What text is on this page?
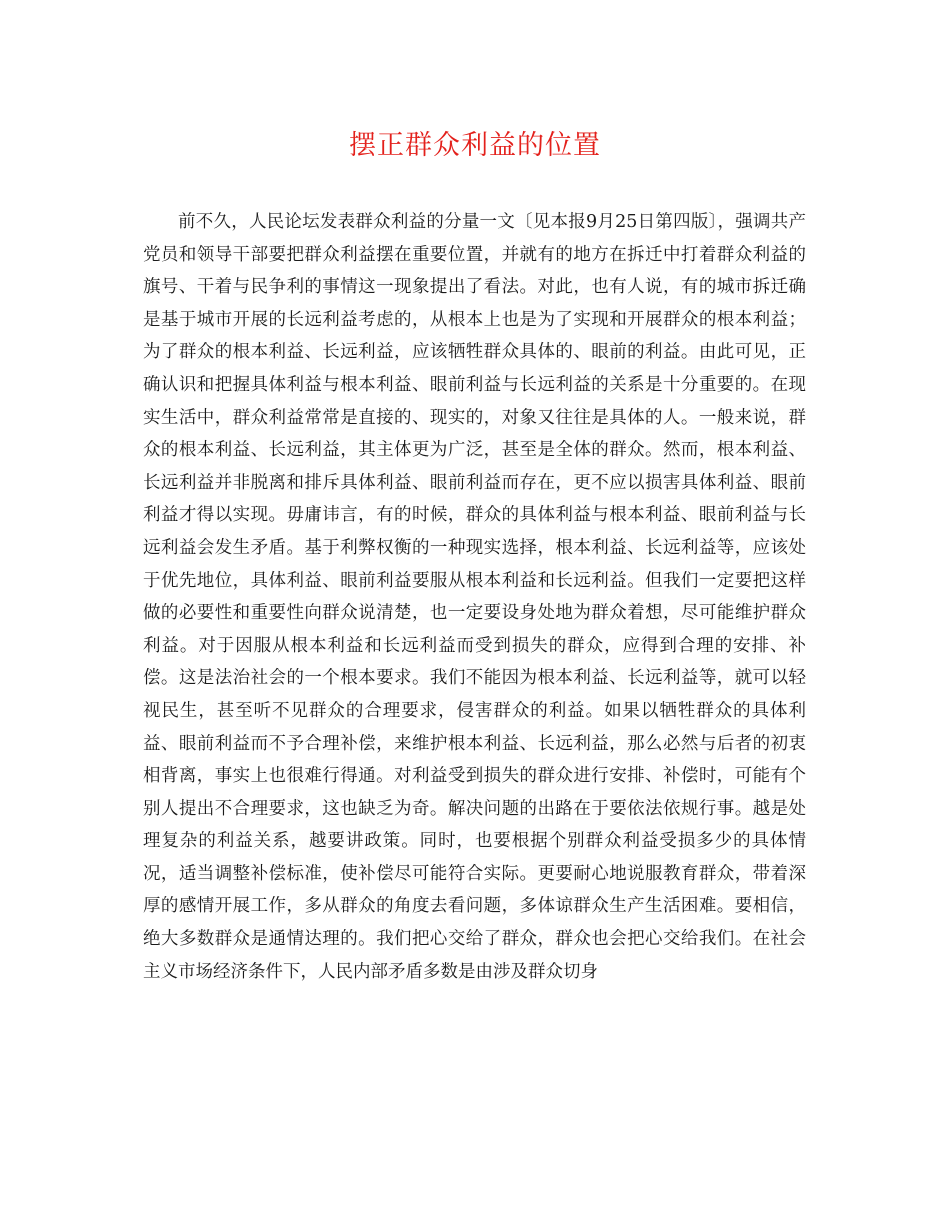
摆正群众利益的位置

前不久，人民论坛发表群众利益的分量一文〔见本报9月25日第四版〕，强调共产党员和领导干部要把群众利益摆在重要位置，并就有的地方在拆迁中打着群众利益的旗号、干着与民争利的事情这一现象提出了看法。对此，也有人说，有的城市拆迁确是基于城市开展的长远利益考虑的，从根本上也是为了实现和开展群众的根本利益；为了群众的根本利益、长远利益，应该牺牲群众具体的、眼前的利益。由此可见，正确认识和把握具体利益与根本利益、眼前利益与长远利益的关系是十分重要的。在现实生活中，群众利益常常是直接的、现实的，对象又往往是具体的人。一般来说，群众的根本利益、长远利益，其主体更为广泛，甚至是全体的群众。然而，根本利益、长远利益并非脱离和排斥具体利益、眼前利益而存在，更不应以损害具体利益、眼前利益才得以实现。毋庸讳言，有的时候，群众的具体利益与根本利益、眼前利益与长远利益会发生矛盾。基于利弊权衡的一种现实选择，根本利益、长远利益等，应该处于优先地位，具体利益、眼前利益要服从根本利益和长远利益。但我们一定要把这样做的必要性和重要性向群众说清楚，也一定要设身处地为群众着想，尽可能维护群众利益。对于因服从根本利益和长远利益而受到损失的群众，应得到合理的安排、补偿。这是法治社会的一个根本要求。我们不能因为根本利益、长远利益等，就可以轻视民生，甚至听不见群众的合理要求，侵害群众的利益。如果以牺牲群众的具体利益、眼前利益而不予合理补偿，来维护根本利益、长远利益，那么必然与后者的初衷相背离，事实上也很难行得通。对利益受到损失的群众进行安排、补偿时，可能有个别人提出不合理要求，这也缺乏为奇。解决问题的出路在于要依法依规行事。越是处理复杂的利益关系，越要讲政策。同时，也要根据个别群众利益受损多少的具体情况，适当调整补偿标准，使补偿尽可能符合实际。更要耐心地说服教育群众，带着深厚的感情开展工作，多从群众的角度去看问题，多体谅群众生产生活困难。要相信，绝大多数群众是通情达理的。我们把心交给了群众，群众也会把心交给我们。在社会主义市场经济条件下，人民内部矛盾多数是由涉及群众切身
